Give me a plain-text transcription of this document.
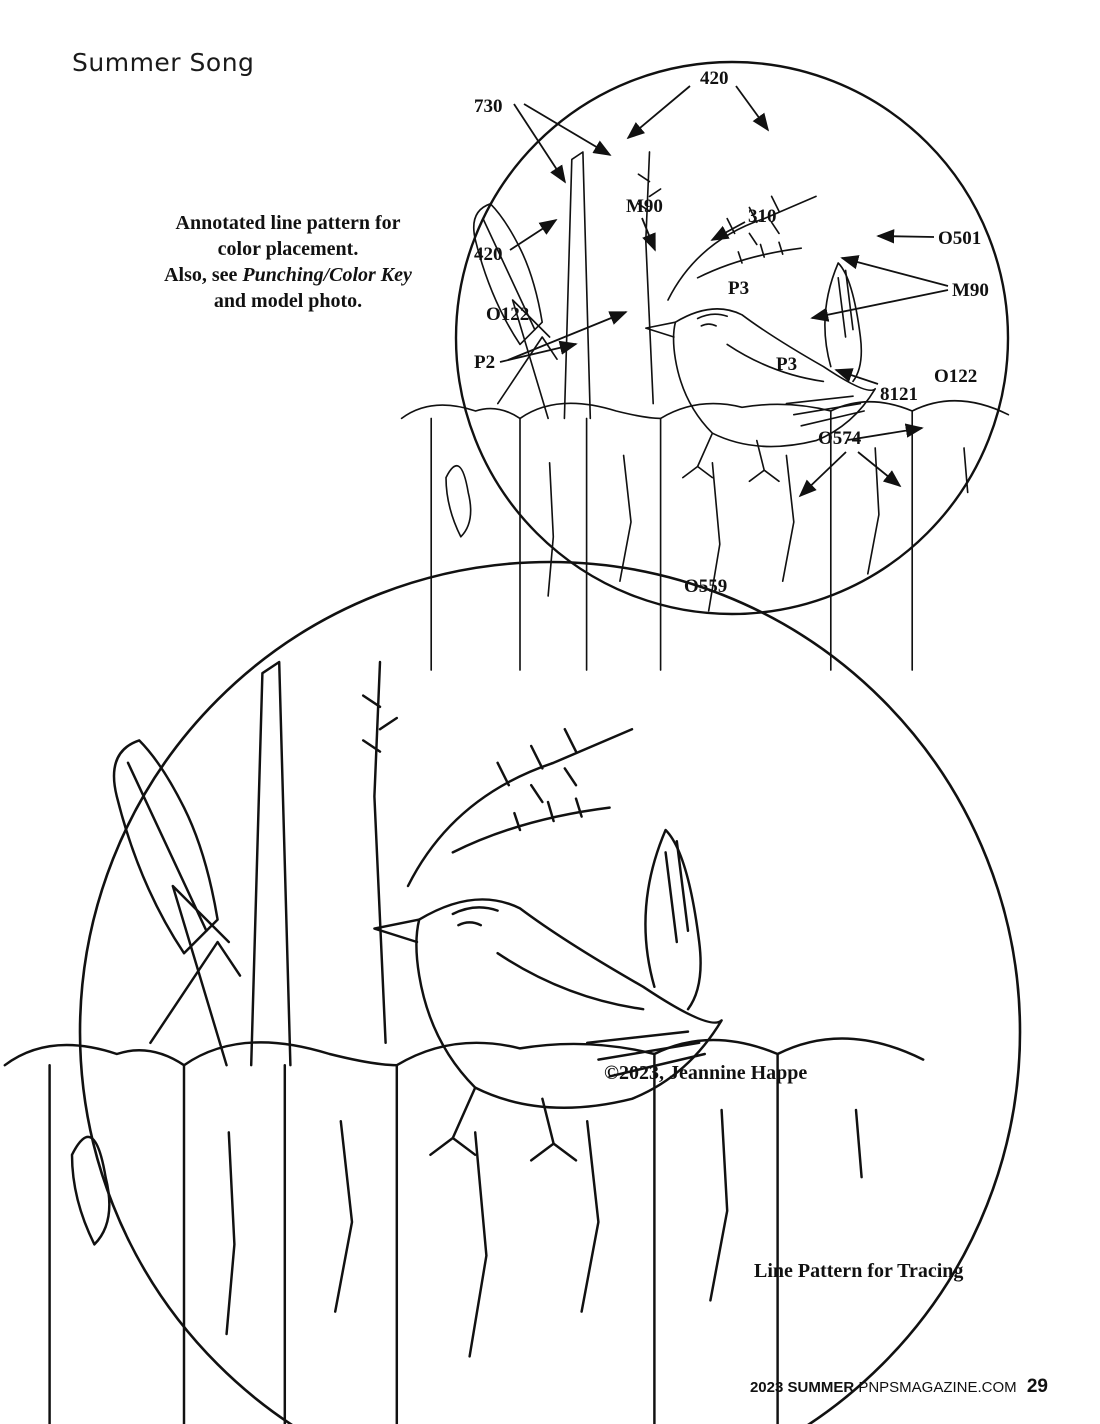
Summer Song
Annotated line pattern for
color placement.
Also, see Punching/Color Key
and model photo.
420
730
M90	310
O501
420
P3	M90
O122
P2	P3
O122
8121
O574
O559
©2023, Jeannine Happe
Line Pattern for Tracing
2023 SUMMER PNPSMAGAZINE.COM 29
